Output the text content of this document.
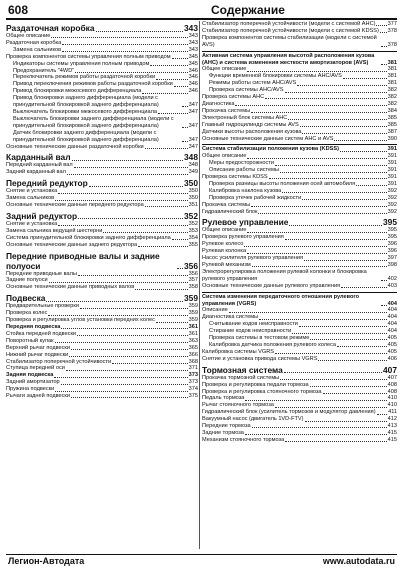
608	Содержание
Раздаточная коробка	343
Общее описание	343
Раздаточная коробка	343
Замена сальников	343
Проверка компонентов системы управления полным приводом	345
Индикаторы системы управления полным приводом	345
Предохранитель "4WD"	346
Переключатель режимов работы раздаточной коробки	346
Привод переключения режимов работы раздаточной коробки	346
Привод блокировки межосевого дифференциала	346
Привод блокировки заднего дифференциала (модели с принудительной блокировкой заднего дифференциала)	347
Выключатель блокировки межосевого дифференциала	347
Выключатель блокировки заднего дифференциала (модели с принудительной блокировкой заднего дифференциала)	347
Датчик блокировки заднего дифференциала (модели с принудительной блокировкой заднего дифференциала)	347
Основные технические данные раздаточной коробки	347
Карданный вал	348
Передний карданный вал	348
Задний карданный вал	349
Передний редуктор	350
Снятие и установка	350
Замена сальников	350
Основные технические данные переднего редуктора	351
Задний редуктор	352
Снятие и установка	352
Замена сальника ведущей шестерни	353
Система принудительной блокировки заднего дифференциала	354
Основные технические данные заднего редуктора	355
Передние приводные валы и задние полуоси	356
Передние приводные валы	356
Задние полуоси	357
Основные технические данные приводных валов	358
Подвеска	359
Предварительные проверки	359
Проверка колес	359
Проверка и регулировка углов установки передних колес	359
Передняя подвеска	361
Стойка передней подвески	361
Поворотный кулак	363
Верхний рычаг подвески	365
Нижний рычаг подвески	366
Стабилизатор поперечной устойчивости	368
Ступица передней оси	371
Задняя подвеска	373
Задний амортизатор	373
Пружина подвески	374
Рычаги задней подвески	375
Стабилизатор поперечной устойчивости (модели с системой AHC) 377
Стабилизатор поперечной устойчивости (модели с системой KDSS) 378
Проверка компонентов системы стабилизации (модели с системой AVS)	378
Активная система управления высотой расположения кузова (AHC) и система изменения жесткости амортизаторов (AVS)	381
Общее описание	381
Функции временной блокировки системы AHC/AVS	381
Режимы работы систем AHC/AVS	381
Проверка системы AHC/AVS	382
Проверка системы AHC	382
Диагностика	382
Прокачка системы	384
Электронный блок системы AHC	385
Главный гидроцилиндр системы AVS	385
Датчики высоты расположения кузова	387
Основные технические данные систем AHC и AVS	390
Система стабилизации положения кузова (KDSS)	391
Общее описание	391
Меры предосторожности	391
Описание работы системы	391
Проверка системы KDSS	391
Проверка разницы высоты положения осей автомобиля	391
Калибровка наклона кузова	392
Проверка утечек рабочей жидкости	392
Прокачка системы	392
Гидравлический блок	392
Рулевое управление	395
Общее описание	395
Проверка рулевого управления	395
Рулевое колесо	396
Рулевая колонка	396
Насос усилителя рулевого управления	397
Рулевой механизм	398
Электрорегулировка положения рулевой колонки и блокировка рулевого управления	402
Основные технические данные рулевого управления	403
Система изменения передаточного отношения рулевого управления (VGRS)	404
Описание	404
Диагностика системы	404
Считывание кодов неисправности	404
Стирание кодов неисправности	404
Проверка системы в тестовом режиме	405
Калибровка датчика положения рулевого колеса	405
Калибровка системы VGRS	405
Снятие и установка привода системы VGRS	406
Тормозная система	407
Прокачка тормозной системы	407
Проверка и регулировка педали тормоза	408
Проверка и регулировка стояночного тормоза	408
Педаль тормоза	410
Рычаг стояночного тормоза	410
Гидравлический блок (усилитель тормозов и модулятор давления) 411
Вакуумный насос (двигатель 1VD-FTV)	412
Передние тормоза	413
Задние тормоза	415
Механизм стояночного тормоза	415
Легион-Автодата	www.autodata.ru
